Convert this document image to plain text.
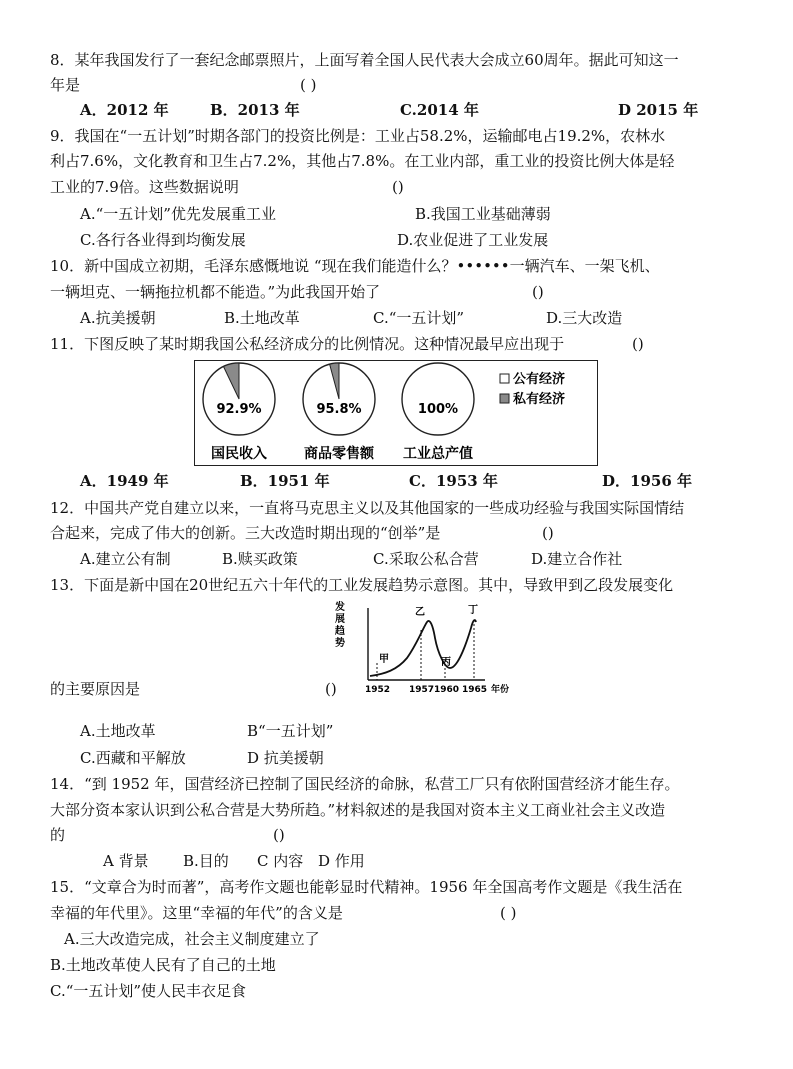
8．某年我国发行了一套纪念邮票照片，上面写着全国人民代表大会成立60周年。据此可知这一
年是	( )
A．2012 年	B．2013 年	C.2014 年	D 2015 年
9．我国在“一五计划”时期各部门的投资比例是：工业占58.2%，运输邮电占19.2%，农林水
利占7.6%，文化教育和卫生占7.2%，其他占7.8%。在工业内部，重工业的投资比例大体是轻
工业的7.9倍。这些数据说明	()
A.“一五计划”优先发展重工业	B.我国工业基础薄弱
C.各行各业得到均衡发展	D.农业促进了工业发展
10．新中国成立初期，毛泽东感慨地说 “现在我们能造什么？••••••一辆汽车、一架飞机、
一辆坦克、一辆拖拉机都不能造。”为此我国开始了	()
A.抗美援朝	B.土地改革	C.“一五计划”	D.三大改造
11．下图反映了某时期我国公私经济成分的比例情况。这种情况最早应出现于	()
92.9%
国民收入
95.8%
商品零售额
100%
工业总产值
公有经济
私有经济
A．1949 年	B．1951 年	C．1953 年	D．1956 年
12．中国共产党自建立以来，一直将马克思主义以及其他国家的一些成功经验与我国实际国情结
合起来，完成了伟大的创新。三大改造时期出现的“创举”是	()
A.建立公有制	B.赎买政策	C.采取公私合营	D.建立合作社
13．下面是新中国在20世纪五六十年代的工业发展趋势示意图。其中，导致甲到乙段发展变化
发
展
趋
势
甲
乙
丙
丁
1952 1957 1960 1965 年份
的主要原因是	()
A.土地改革	B“一五计划”
C.西藏和平解放	D 抗美援朝
14．“到 1952 年，国营经济已控制了国民经济的命脉，私营工厂只有依附国营经济才能生存。
大部分资本家认识到公私合营是大势所趋。”材料叙述的是我国对资本主义工商业社会主义改造
的	()
A 背景 B.目的 C 内容 D 作用
15．“文章合为时而著”，高考作文题也能彰显时代精神。1956 年全国高考作文题是《我生活在
幸福的年代里》。这里“幸福的年代”的含义是	( )
A.三大改造完成，社会主义制度建立了
B.土地改革使人民有了自己的土地
C.“一五计划”使人民丰衣足食
